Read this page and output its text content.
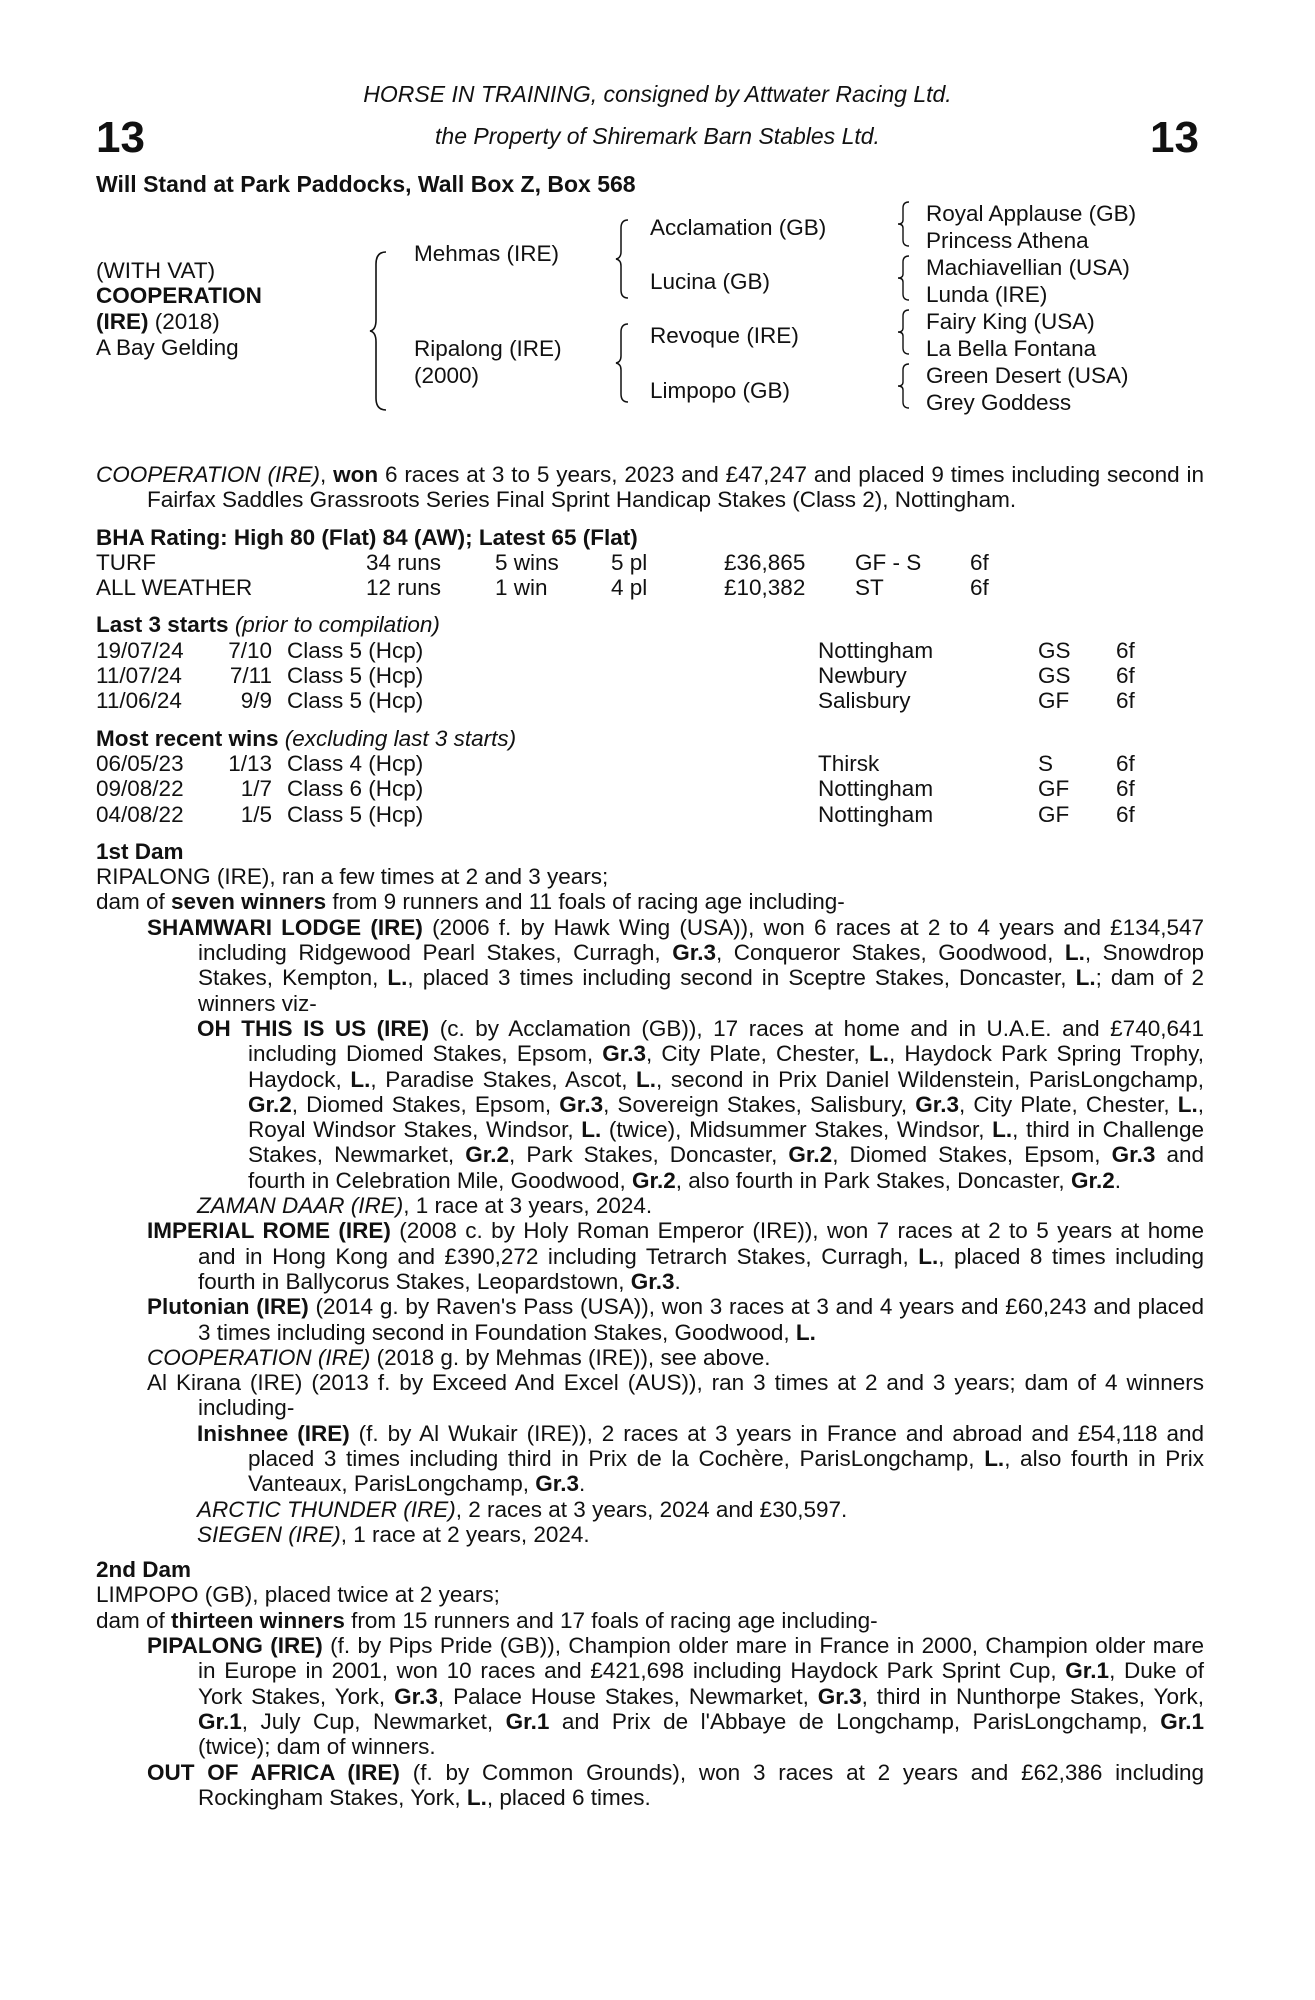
13	13
HORSE IN TRAINING, consigned by Attwater Racing Ltd.
the Property of Shiremark Barn Stables Ltd.
Will Stand at Park Paddocks, Wall Box Z, Box 568
(WITH VAT)
COOPERATION
(IRE) (2018)
A Bay Gelding
Mehmas (IRE)
Ripalong (IRE)
(2000)
Acclamation (GB)
Lucina (GB)
Revoque (IRE)
Limpopo (GB)
Royal Applause (GB)
Princess Athena
Machiavellian (USA)
Lunda (IRE)
Fairy King (USA)
La Bella Fontana
Green Desert (USA)
Grey Goddess
COOPERATION (IRE), won 6 races at 3 to 5 years, 2023 and £47,247 and placed 9 times including second in Fairfax Saddles Grassroots Series Final Sprint Handicap Stakes (Class 2), Nottingham.
BHA Rating: High 80 (Flat) 84 (AW); Latest 65 (Flat)
TURF	34 runs 5 wins 5 pl	£36,865 GF - S 6f
ALL WEATHER	12 runs 1 win	4 pl	£10,382 ST	6f
Last 3 starts (prior to compilation)
19/07/24 7/10 Class 5 (Hcp)	Nottingham	GS 6f
11/07/24	7/11 Class 5 (Hcp)	Newbury	GS 6f
11/06/24	9/9 Class 5 (Hcp)	Salisbury	GF 6f
Most recent wins (excluding last 3 starts)
06/05/23 1/13 Class 4 (Hcp)	Thirsk	S	6f
09/08/22	1/7 Class 6 (Hcp)	Nottingham	GF 6f
04/08/22	1/5 Class 5 (Hcp)	Nottingham	GF 6f
1st Dam
RIPALONG (IRE), ran a few times at 2 and 3 years;
dam of seven winners from 9 runners and 11 foals of racing age including-
SHAMWARI LODGE (IRE) (2006 f. by Hawk Wing (USA)), won 6 races at 2 to 4 years and £134,547 including Ridgewood Pearl Stakes, Curragh, Gr.3, Conqueror Stakes, Goodwood, L., Snowdrop Stakes, Kempton, L., placed 3 times including second in Sceptre Stakes, Doncaster, L.; dam of 2 winners viz-
OH THIS IS US (IRE) (c. by Acclamation (GB)), 17 races at home and in U.A.E. and £740,641 including Diomed Stakes, Epsom, Gr.3, City Plate, Chester, L., Haydock Park Spring Trophy, Haydock, L., Paradise Stakes, Ascot, L., second in Prix Daniel Wildenstein, ParisLongchamp, Gr.2, Diomed Stakes, Epsom, Gr.3, Sovereign Stakes, Salisbury, Gr.3, City Plate, Chester, L., Royal Windsor Stakes, Windsor, L. (twice), Midsummer Stakes, Windsor, L., third in Challenge Stakes, Newmarket, Gr.2, Park Stakes, Doncaster, Gr.2, Diomed Stakes, Epsom, Gr.3 and fourth in Celebration Mile, Goodwood, Gr.2, also fourth in Park Stakes, Doncaster, Gr.2.
ZAMAN DAAR (IRE), 1 race at 3 years, 2024.
IMPERIAL ROME (IRE) (2008 c. by Holy Roman Emperor (IRE)), won 7 races at 2 to 5 years at home and in Hong Kong and £390,272 including Tetrarch Stakes, Curragh, L., placed 8 times including fourth in Ballycorus Stakes, Leopardstown, Gr.3.
Plutonian (IRE) (2014 g. by Raven's Pass (USA)), won 3 races at 3 and 4 years and £60,243 and placed 3 times including second in Foundation Stakes, Goodwood, L.
COOPERATION (IRE) (2018 g. by Mehmas (IRE)), see above.
Al Kirana (IRE) (2013 f. by Exceed And Excel (AUS)), ran 3 times at 2 and 3 years; dam of 4 winners including-
Inishnee (IRE) (f. by Al Wukair (IRE)), 2 races at 3 years in France and abroad and £54,118 and placed 3 times including third in Prix de la Cochère, ParisLongchamp, L., also fourth in Prix Vanteaux, ParisLongchamp, Gr.3.
ARCTIC THUNDER (IRE), 2 races at 3 years, 2024 and £30,597.
SIEGEN (IRE), 1 race at 2 years, 2024.
2nd Dam
LIMPOPO (GB), placed twice at 2 years;
dam of thirteen winners from 15 runners and 17 foals of racing age including-
PIPALONG (IRE) (f. by Pips Pride (GB)), Champion older mare in France in 2000, Champion older mare in Europe in 2001, won 10 races and £421,698 including Haydock Park Sprint Cup, Gr.1, Duke of York Stakes, York, Gr.3, Palace House Stakes, Newmarket, Gr.3, third in Nunthorpe Stakes, York, Gr.1, July Cup, Newmarket, Gr.1 and Prix de l'Abbaye de Longchamp, ParisLongchamp, Gr.1 (twice); dam of winners.
OUT OF AFRICA (IRE) (f. by Common Grounds), won 3 races at 2 years and £62,386 including Rockingham Stakes, York, L., placed 6 times.
